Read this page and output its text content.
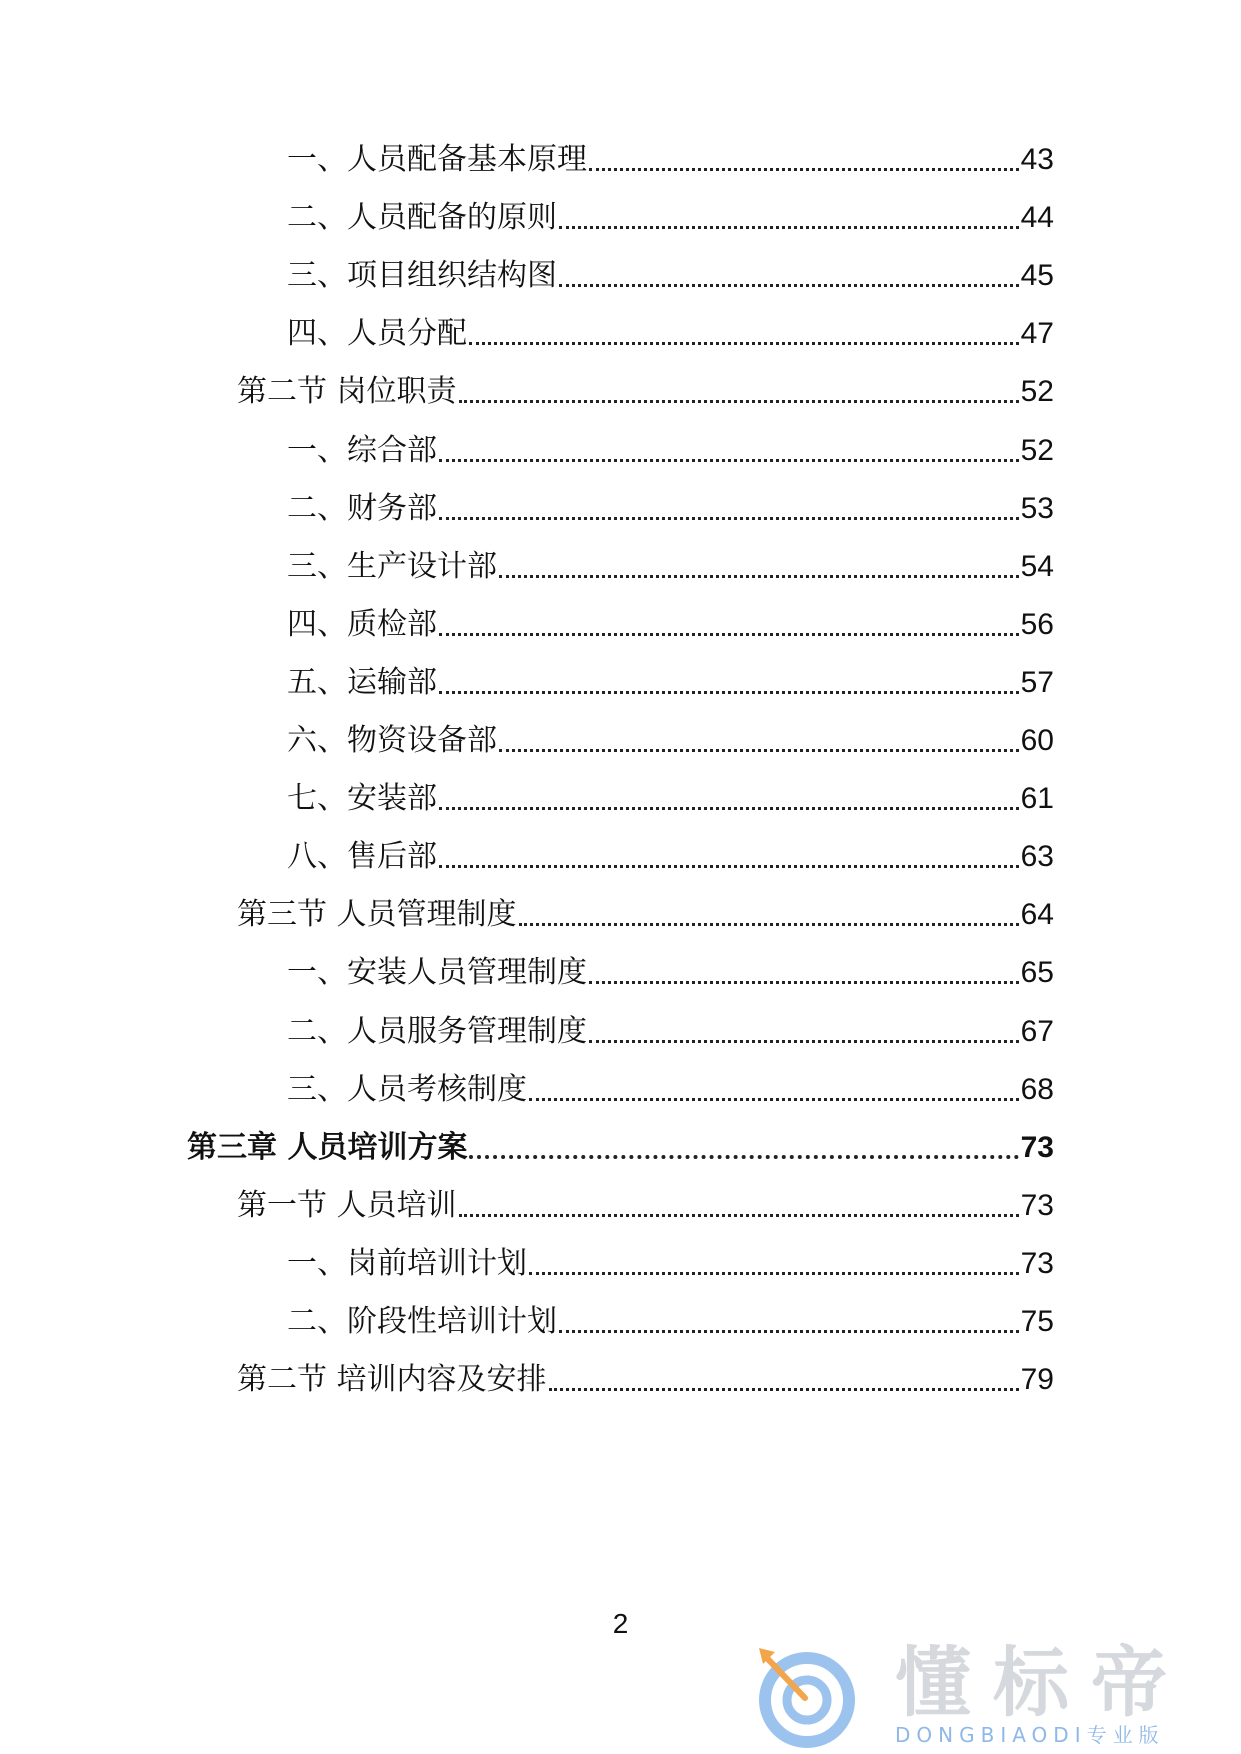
一、人员配备基本原理	43
二、人员配备的原则	44
三、项目组织结构图	45
四、人员分配	47
第二节 岗位职责	52
一、综合部	52
二、财务部	53
三、生产设计部	54
四、质检部	56
五、运输部	57
六、物资设备部	60
七、安装部	61
八、售后部	63
第三节 人员管理制度	64
一、安装人员管理制度	65
二、人员服务管理制度	67
三、人员考核制度	68
第三章 人员培训方案	73
第一节 人员培训	73
一、岗前培训计划	73
二、阶段性培训计划	75
第二节 培训内容及安排	79
2
懂标帝
DONGBIAODI专业版
